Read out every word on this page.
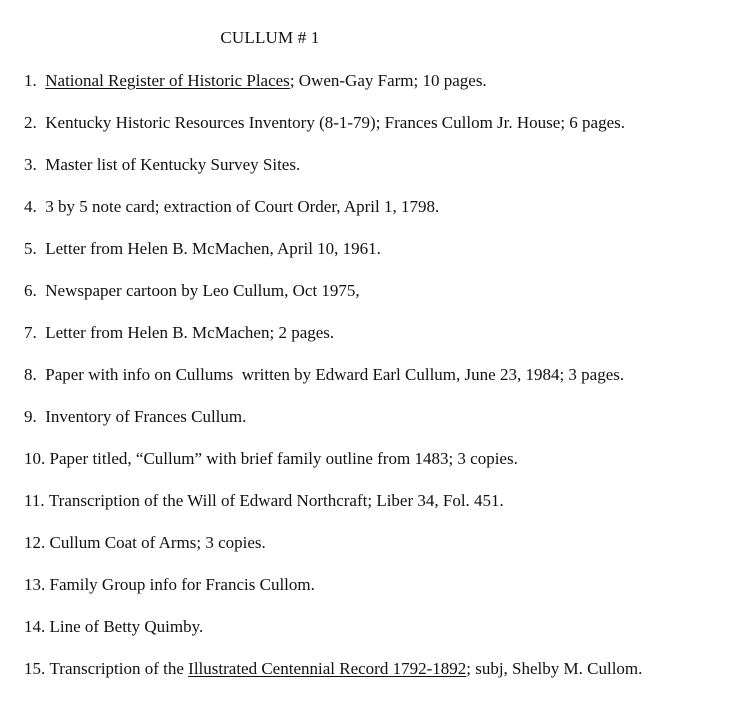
CULLUM # 1
1. National Register of Historic Places; Owen-Gay Farm; 10 pages.
2. Kentucky Historic Resources Inventory (8-1-79); Frances Cullom Jr. House; 6 pages.
3. Master list of Kentucky Survey Sites.
4. 3 by 5 note card; extraction of Court Order, April 1, 1798.
5. Letter from Helen B. McMachen, April 10, 1961.
6. Newspaper cartoon by Leo Cullum, Oct 1975,
7. Letter from Helen B. McMachen; 2 pages.
8. Paper with info on Cullums  written by Edward Earl Cullum, June 23, 1984; 3 pages.
9. Inventory of Frances Cullum.
10. Paper titled, “Cullum” with brief family outline from 1483; 3 copies.
11. Transcription of the Will of Edward Northcraft; Liber 34, Fol. 451.
12. Cullum Coat of Arms; 3 copies.
13. Family Group info for Francis Cullom.
14. Line of Betty Quimby.
15. Transcription of the Illustrated Centennial Record 1792-1892; subj, Shelby M. Cullom.
